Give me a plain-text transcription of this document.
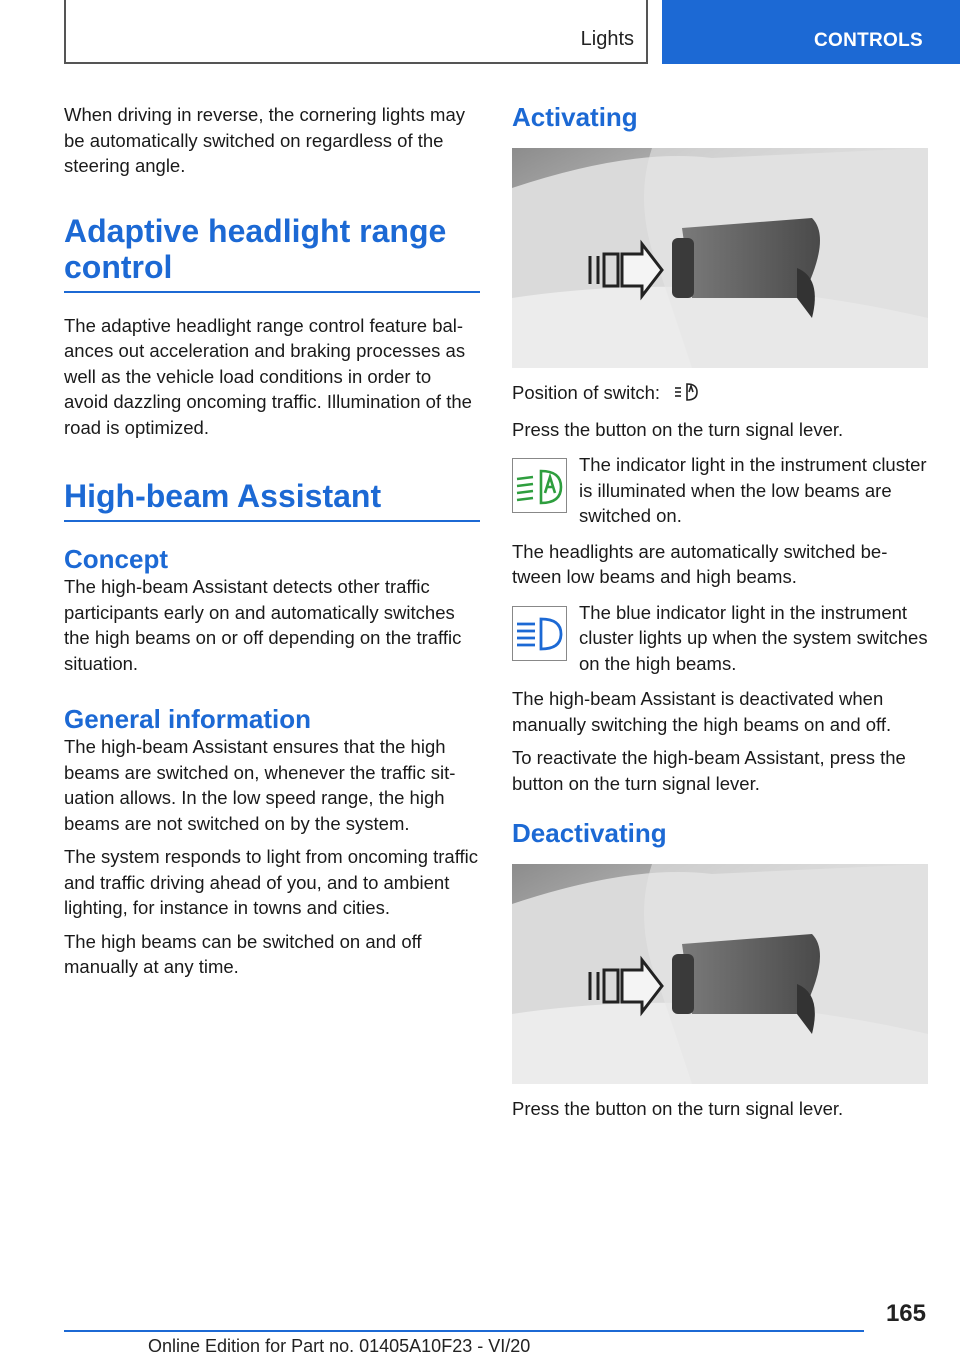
Lights	CONTROLS

When driving in reverse, the cornering lights may be automatically switched on regardless of the steering angle.

Adaptive headlight range control

The adaptive headlight range control feature balances out acceleration and braking processes as well as the vehicle load conditions in order to avoid dazzling oncoming traffic. Illumination of the road is optimized.

High-beam Assistant
Concept

The high-beam Assistant detects other traffic participants early on and automatically switches the high beams on or off depending on the traffic situation.

General information

The high-beam Assistant ensures that the high beams are switched on, whenever the traffic situation allows. In the low speed range, the high beams are not switched on by the system.

The system responds to light from oncoming traffic and traffic driving ahead of you, and to ambient lighting, for instance in towns and cities.

The high beams can be switched on and off manually at any time.

Activating

Position of switch:

Press the button on the turn signal lever.

The indicator light in the instrument cluster is illuminated when the low beams are switched on.

The headlights are automatically switched between low beams and high beams.

The blue indicator light in the instrument cluster lights up when the system switches on the high beams.

The high-beam Assistant is deactivated when manually switching the high beams on and off.

To reactivate the high-beam Assistant, press the button on the turn signal lever.

Deactivating

Press the button on the turn signal lever.

165
Online Edition for Part no. 01405A10F23 - VI/20
